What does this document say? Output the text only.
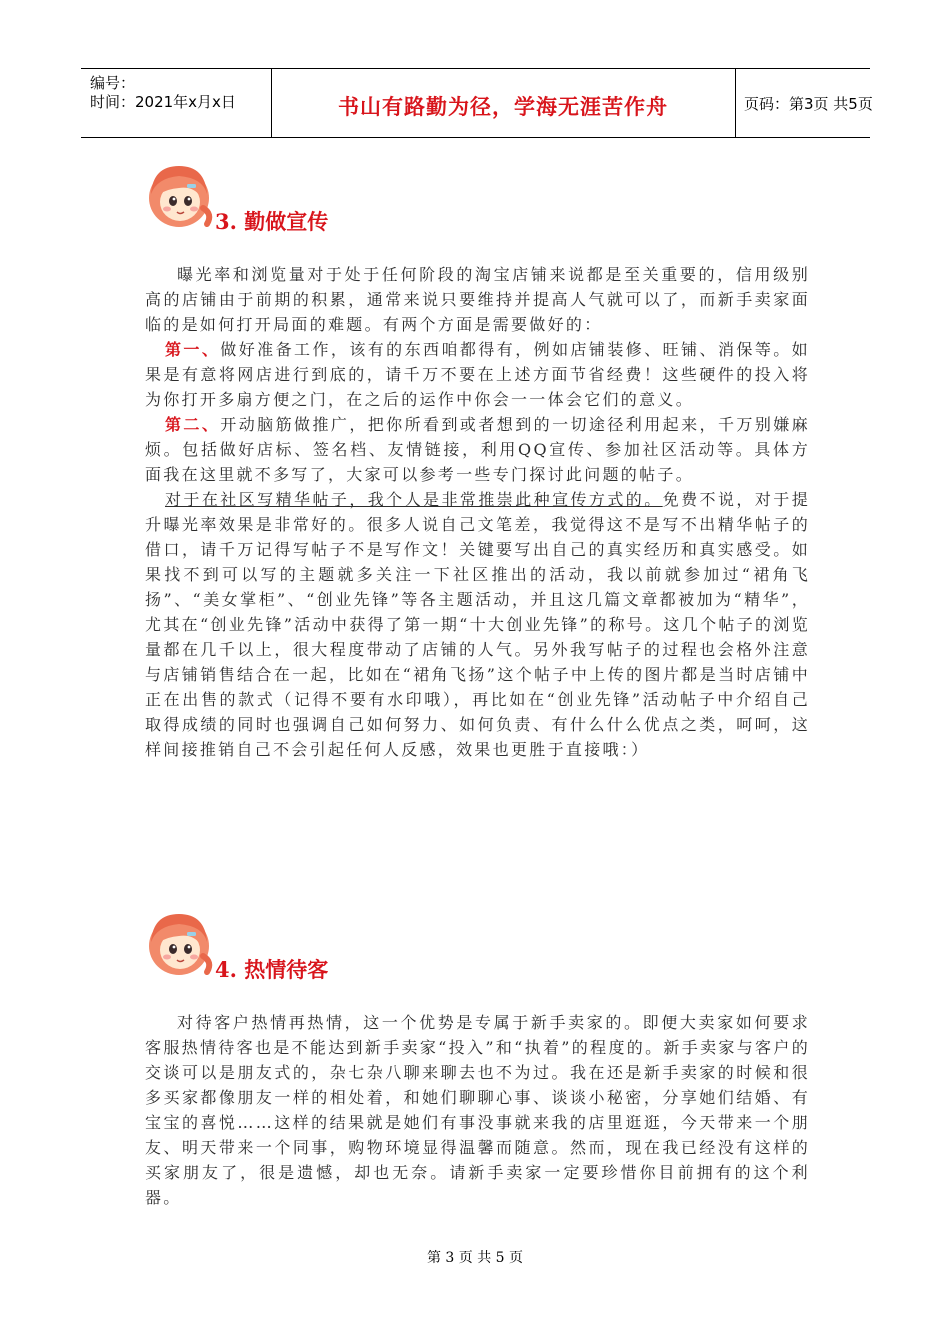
编号：
时间：2021年x月x日	书山有路勤为径，学海无涯苦作舟	页码：第3页 共5页
3. 勤做宣传

曝光率和浏览量对于处于任何阶段的淘宝店铺来说都是至关重要的，信用级别高的店铺由于前期的积累，通常来说只要维持并提高人气就可以了，而新手卖家面临的是如何打开局面的难题。有两个方面是需要做好的：

第一、做好准备工作，该有的东西咱都得有，例如店铺装修、旺铺、消保等。如果是有意将网店进行到底的，请千万不要在上述方面节省经费！这些硬件的投入将为你打开多扇方便之门，在之后的运作中你会一一体会它们的意义。

第二、开动脑筋做推广，把你所看到或者想到的一切途径利用起来，千万别嫌麻烦。包括做好店标、签名档、友情链接，利用QQ宣传、参加社区活动等。具体方面我在这里就不多写了，大家可以参考一些专门探讨此问题的帖子。

对于在社区写精华帖子，我个人是非常推崇此种宣传方式的。免费不说，对于提升曝光率效果是非常好的。很多人说自己文笔差，我觉得这不是写不出精华帖子的借口，请千万记得写帖子不是写作文！关键要写出自己的真实经历和真实感受。如果找不到可以写的主题就多关注一下社区推出的活动，我以前就参加过“裙角飞扬”、“美女掌柜”、“创业先锋”等各主题活动，并且这几篇文章都被加为“精华”，尤其在“创业先锋”活动中获得了第一期“十大创业先锋”的称号。这几个帖子的浏览量都在几千以上，很大程度带动了店铺的人气。另外我写帖子的过程也会格外注意与店铺销售结合在一起，比如在“裙角飞扬”这个帖子中上传的图片都是当时店铺中正在出售的款式（记得不要有水印哦），再比如在“创业先锋”活动帖子中介绍自己取得成绩的同时也强调自己如何努力、如何负责、有什么什么优点之类，呵呵，这样间接推销自己不会引起任何人反感，效果也更胜于直接哦：）

4. 热情待客

对待客户热情再热情，这一个优势是专属于新手卖家的。即便大卖家如何要求客服热情待客也是不能达到新手卖家“投入”和“执着”的程度的。新手卖家与客户的交谈可以是朋友式的，杂七杂八聊来聊去也不为过。我在还是新手卖家的时候和很多买家都像朋友一样的相处着，和她们聊聊心事、谈谈小秘密，分享她们结婚、有宝宝的喜悦……这样的结果就是她们有事没事就来我的店里逛逛，今天带来一个朋友、明天带来一个同事，购物环境显得温馨而随意。然而，现在我已经没有这样的买家朋友了，很是遗憾，却也无奈。请新手卖家一定要珍惜你目前拥有的这个利器。

第 3 页 共 5 页
